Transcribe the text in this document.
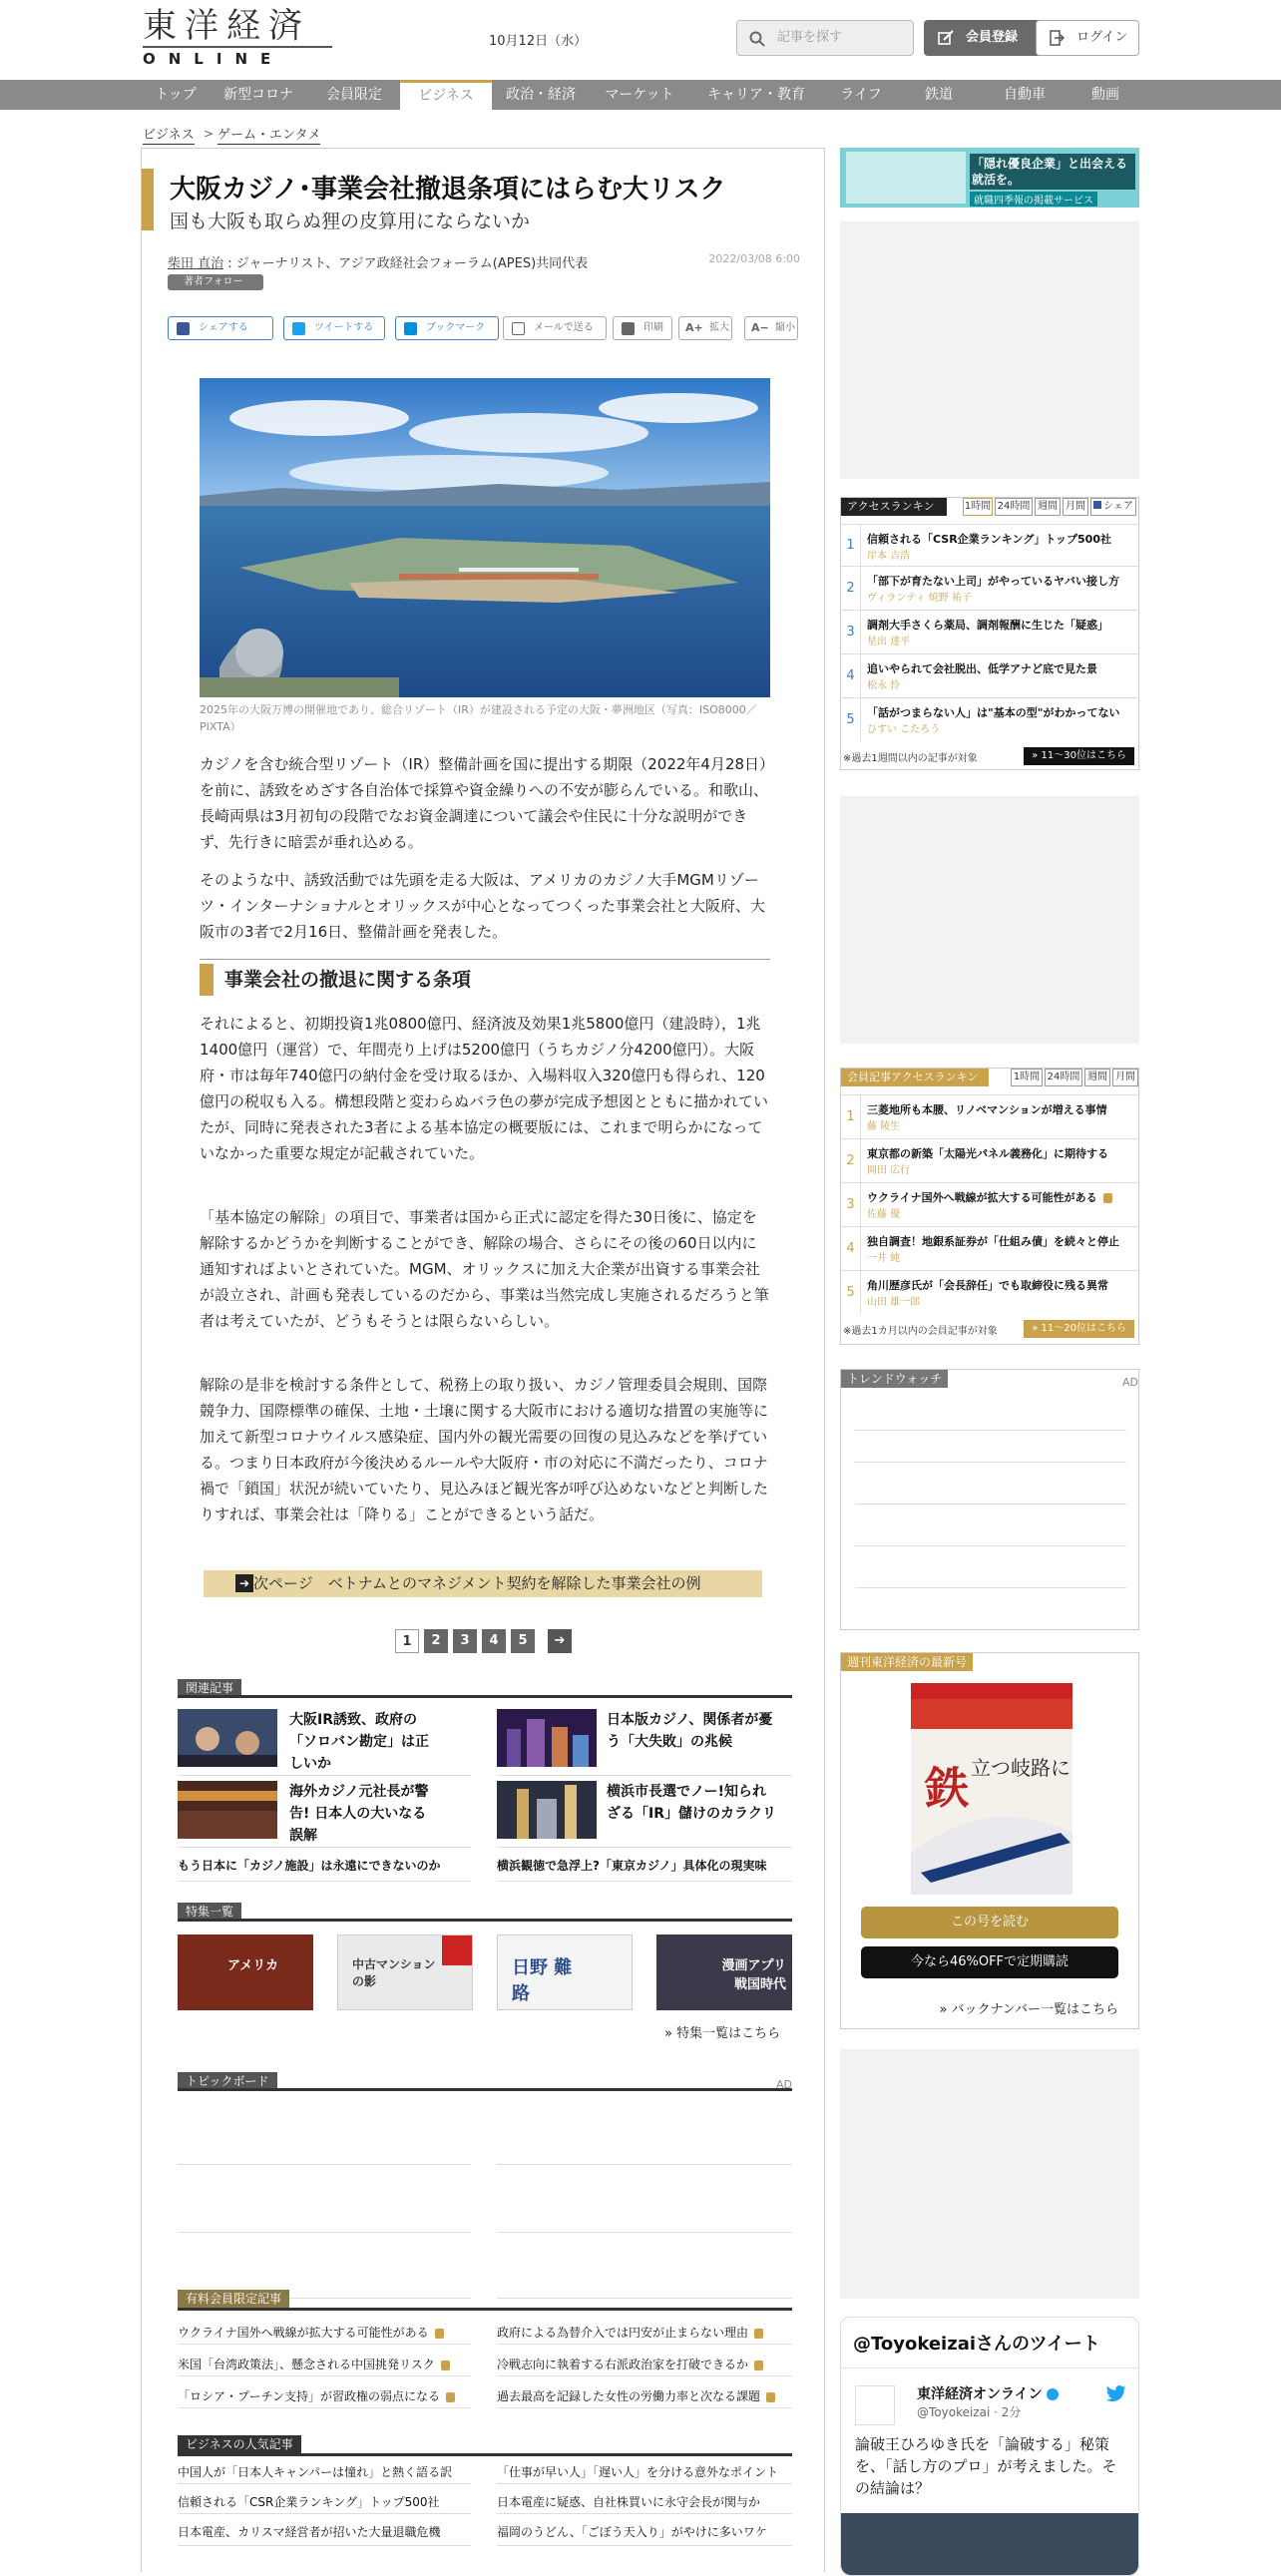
東洋経済
ONLINE
10月12日（水）	記事を探す	会員登録	ログイン
トップ	新型コロナ	会員限定	ビジネス	政治・経済	マーケット	キャリア・教育	ライフ	鉄道	自動車	動画
ビジネス > ゲーム・エンタメ
大阪カジノ･事業会社撤退条項にはらむ大リスク
国も大阪も取らぬ狸の皮算用にならないか
柴田 直治 : ジャーナリスト、アジア政経社会フォーラム(APES)共同代表	2022/03/08 6:00
著者フォロー
シェアする	ツイートする	ブックマーク	メールで送る	印刷	A+ 拡大 A− 縮小
2025年の大阪万博の開催地であり、総合リゾート（IR）が建設される予定の大阪・夢洲地区（写真：ISO8000／PIXTA）
カジノを含む統合型リゾート（IR）整備計画を国に提出する期限（2022年4月28日）を前に、誘致をめざす各自治体で採算や資金繰りへの不安が膨らんでいる。和歌山、長崎両県は3月初旬の段階でなお資金調達について議会や住民に十分な説明ができず、先行きに暗雲が垂れ込める。
そのような中、誘致活動では先頭を走る大阪は、アメリカのカジノ大手MGMリゾーツ・インターナショナルとオリックスが中心となってつくった事業会社と大阪府、大阪市の3者で2月16日、整備計画を発表した。
事業会社の撤退に関する条項
それによると、初期投資1兆0800億円、経済波及効果1兆5800億円（建設時），1兆1400億円（運営）で、年間売り上げは5200億円（うちカジノ分4200億円）。大阪府・市は毎年740億円の納付金を受け取るほか、入場料収入320億円も得られ、120億円の税収も入る。構想段階と変わらぬバラ色の夢が完成予想図とともに描かれていたが、同時に発表された3者による基本協定の概要版には、これまで明らかになっていなかった重要な規定が記載されていた。
「基本協定の解除」の項目で、事業者は国から正式に認定を得た30日後に、協定を解除するかどうかを判断することができ、解除の場合、さらにその後の60日以内に通知すればよいとされていた。MGM、オリックスに加え大企業が出資する事業会社が設立され、計画も発表しているのだから、事業は当然完成し実施されるだろうと筆者は考えていたが、どうもそうとは限らないらしい。
解除の是非を検討する条件として、税務上の取り扱い、カジノ管理委員会規則、国際競争力、国際標準の確保、土地・土壌に関する大阪市における適切な措置の実施等に加えて新型コロナウイルス感染症、国内外の観光需要の回復の見込みなどを挙げている。つまり日本政府が今後決めるルールや大阪府・市の対応に不満だったり、コロナ禍で「鎖国」状況が続いていたり、見込みほど観光客が呼び込めないなどと判断したりすれば、事業会社は「降りる」ことができるという話だ。
➔ 次ページ　ベトナムとのマネジメント契約を解除した事業会社の例
1	2	3	4	5	➔
関連記事
大阪IR誘致、政府の「ソロバン勘定」は正しいか
日本版カジノ、関係者が憂う「大失敗」の兆候
海外カジノ元社長が警告! 日本人の大いなる誤解
横浜市長選でノー!知られざる「IR」儲けのカラクリ
もう日本に「カジノ施設」は永遠にできないのか	横浜観徳で急浮上?「東京カジノ」具体化の現実味
特集一覧
アメリカ	中古マンションの影
日野 難路
漫画アプリ 戦国時代
» 特集一覧はこちら
トピックボード	AD
有料会員限定記事
ウクライナ国外へ戦線が拡大する可能性がある	政府による為替介入では円安が止まらない理由
米国「台湾政策法」、懸念される中国挑発リスク	冷戦志向に執着する右派政治家を打破できるか
「ロシア・プーチン支持」が習政権の弱点になる	過去最高を記録した女性の労働力率と次なる課題
ビジネスの人気記事
中国人が「日本人キャンパーは憧れ」と熱く語る訳	「仕事が早い人」「遅い人」を分ける意外なポイント
信頼される「CSR企業ランキング」トップ500社	日本電産に疑惑、自社株買いに永守会長が関与か
日本電産、カリスマ経営者が招いた大量退職危機	福岡のうどん、「ごぼう天入り」がやけに多いワケ
「隠れ優良企業」と出会える就活を。
就職四季報の掲載サービス
アクセスランキング
1時間 24時間 週間 月間	シェア
1	信頼される「CSR企業ランキング」トップ500社
岸本 吉浩
2	「部下が育たない上司」がやっているヤバい接し方
ヴィランティ 焼野 祐子
3	調剤大手さくら薬局、調剤報酬に生じた「疑惑」
星出 達平
4	追いやられて会社脱出、低学アナど底で見た景
松永 怜
5	「話がつまらない人」は"基本の型"がわかってない
ひすい こたろう
※過去1週間以内の記事が対象	» 11～30位はこちら
会員記事アクセスランキング
1時間 24時間 週間 月間
1	三菱地所も本腰、リノベマンションが増える事情
藤 陵生
2	東京都の新築「太陽光パネル義務化」に期待する
岡田 広行
3	ウクライナ国外へ戦線が拡大する可能性がある
佐藤 優
4	独自調査！地銀系証券が「仕組み債」を続々と停止
一井 純
5	角川歴彦氏が「会長辞任」でも取締役に残る異常
山田 雄一郎
※過去1カ月以内の会員記事が対象	» 11～20位はこちら
トレンドウォッチ	AD
週刊東洋経済の最新号
鉄 立つ岐路に
この号を読む
今なら46%OFFで定期購読
» バックナンバー一覧はこちら
@Toyokeizaiさんのツイート
東洋経済オンライン
@Toyokeizai · 2分
論破王ひろゆき氏を「論破する」秘策を、「話し方のプロ」が考えました。その結論は？
